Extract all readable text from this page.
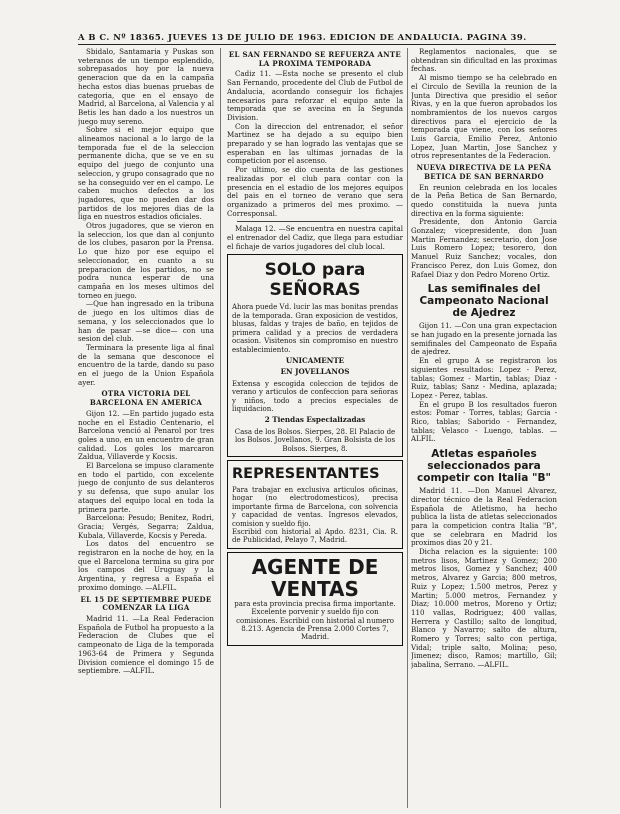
A B C. Nº 18365. JUEVES 13 DE JULIO DE 1963. EDICION DE ANDALUCIA. PAGINA 39.

Sbidalo, Santamaria y Puskas son veteranos de un tiempo esplendido, sobrepasados hoy por la nueva generacion que da en la campaña hecha estos dias buenas pruebas de categoria, que en el ensayo de Madrid, al Barcelona, al Valencia y al Betis les han dado a los nuestros un juego muy sereno.

Sobre si el mejor equipo que alineamos nacional a lo largo de la temporada fue el de la seleccion permanente dicha, que se ve en su equipo del juego de conjunto una seleccion, y grupo consagrado que no se ha conseguido ver en el campo. Le caben muchos defectos a los jugadores, que no pueden dar dos partidos de los mejores dias de la liga en nuestros estadios oficiales.

Otros jugadores, que se vieron en la seleccion, los que dan al conjunto de los clubes, pasaron por la Prensa. Lo que hizo por ese equipo el seleccionador, en cuanto a su preparacion de los partidos, no se podra nunca esperar de una campaña en los meses ultimos del torneo en juego.

—Que han ingresado en la tribuna de juego en los ultimos dias de semana, y los seleccionados que lo han de pasar —se dice— con una sesion del club.

Terminara la presente liga al final de la semana que desconoce el encuentro de la tarde, dando su paso en el juego de la Union Española ayer.

OTRA VICTORIA DEL BARCELONA EN AMERICA

Gijon 12. —En partido jugado esta noche en el Estadio Centenario, el Barcelona venció al Penarol por tres goles a uno, en un encuentro de gran calidad. Los goles los marcaron Zaldua, Villaverde y Kocsis.

El Barcelona se impuso claramente en todo el partido, con excelente juego de conjunto de sus delanteros y su defensa, que supo anular los ataques del equipo local en toda la primera parte.

Barcelona: Pesudo; Benitez, Rodri, Gracia; Vergés, Segarra; Zaldua, Kubala, Villaverde, Kocsis y Pereda.

Los datos del encuentro se registraron en la noche de hoy, en la que el Barcelona termina su gira por los campos del Uruguay y la Argentina, y regresa a España el proximo domingo. —ALFIL.

EL 15 DE SEPTIEMBRE PUEDE COMENZAR LA LIGA

Madrid 11. —La Real Federacion Española de Futbol ha propuesto a la Federacion de Clubes que el campeonato de Liga de la temporada 1963-64 de Primera y Segunda Division comience el domingo 15 de septiembre. —ALFIL.

EL SAN FERNANDO SE REFUERZA ANTE LA PROXIMA TEMPORADA

Cadiz 11. —Esta noche se presento el club San Fernando, procedente del Club de Futbol de Andalucia, acordando conseguir los fichajes necesarios para reforzar el equipo ante la temporada que se avecina en la Segunda Division.

Con la direccion del entrenador, el señor Martinez se ha dejado a su equipo bien preparado y se han logrado las ventajas que se esperaban en las ultimas jornadas de la competicion por el ascenso.

Por ultimo, se dio cuenta de las gestiones realizadas por el club para contar con la presencia en el estadio de los mejores equipos del pais en el torneo de verano que sera organizado a primeros del mes proximo. —Corresponsal.

Malaga 12. —Se encuentra en nuestra capital el entrenador del Cadiz, que llega para estudiar el fichaje de varios jugadores del club local.

SOLO para SEÑORAS
Ahora puede Vd. lucir las mas bonitas prendas de la temporada. Gran exposicion de vestidos, blusas, faldas y trajes de baño, en tejidos de primera calidad y a precios de verdadera ocasion. Visitenos sin compromiso en nuestro establecimiento.
UNICAMENTE
EN JOVELLANOS
Extensa y escogida coleccion de tejidos de verano y articulos de confeccion para señoras y niños, todo a precios especiales de liquidacion.
2 Tiendas Especializadas
Casa de los Bolsos. Sierpes, 28. El Palacio de los Bolsos. Jovellanos, 9. Gran Bolsista de los Bolsos. Sierpes, 8.
REPRESENTANTES
Para trabajar en exclusiva articulos oficinas, hogar (no electrodomesticos), precisa importante firma de Barcelona, con solvencia y capacidad de ventas. Ingresos elevados, comision y sueldo fijo.
Escribid con historial al Apdo. 8231, Cia. R. de Publicidad, Pelayo 7, Madrid.
AGENTE DE
VENTAS
para esta provincia precisa firma importante. Excelente porvenir y sueldo fijo con comisiones. Escribid con historial al numero 8.213. Agencia de Prensa 2.000 Cortes 7, Madrid.

Reglamentos nacionales, que se obtendran sin dificultad en las proximas fechas.

Al mismo tiempo se ha celebrado en el Circulo de Sevilla la reunion de la Junta Directiva que presidio el señor Rivas, y en la que fueron aprobados los nombramientos de los nuevos cargos directivos para el ejercicio de la temporada que viene, con los señores Luis Garcia, Emilio Perez, Antonio Lopez, Juan Martin, Jose Sanchez y otros representantes de la Federacion.

NUEVA DIRECTIVA DE LA PEÑA BETICA DE SAN BERNARDO

En reunion celebrada en los locales de la Peña Betica de San Bernardo, quedo constituida la nueva junta directiva en la forma siguiente:

Presidente, don Antonio Garcia Gonzalez; vicepresidente, don Juan Martin Fernandez; secretario, don Jose Luis Romero Lopez; tesorero, don Manuel Ruiz Sanchez; vocales, don Francisco Perez, don Luis Gomez, don Rafael Diaz y don Pedro Moreno Ortiz.

Las semifinales del Campeonato Nacional de Ajedrez

Gijon 11. —Con una gran expectacion se han jugado en la presente jornada las semifinales del Campeonato de España de ajedrez.

En el grupo A se registraron los siguientes resultados: Lopez - Perez, tablas; Gomez - Martin, tablas; Diaz - Ruiz, tablas; Sanz - Medina, aplazada; Lopez - Perez, tablas.

En el grupo B los resultados fueron estos: Pomar - Torres, tablas; Garcia - Rico, tablas; Saborido - Fernandez, tablas; Velasco - Luengo, tablas. —ALFIL.

Atletas españoles seleccionados para competir con Italia "B"

Madrid 11. —Don Manuel Alvarez, director técnico de la Real Federacion Española de Atletismo, ha hecho publica la lista de atletas seleccionados para la competicion contra Italia "B", que se celebrara en Madrid los proximos dias 20 y 21.

Dicha relacion es la siguiente: 100 metros lisos, Martinez y Gomez; 200 metros lisos, Gomez y Sanchez; 400 metros, Alvarez y Garcia; 800 metros, Ruiz y Lopez; 1.500 metros, Perez y Martin; 5.000 metros, Fernandez y Diaz; 10.000 metros, Moreno y Ortiz; 110 vallas, Rodriguez; 400 vallas, Herrera y Castillo; salto de longitud, Blanco y Navarro; salto de altura, Romero y Torres; salto con pertiga, Vidal; triple salto, Molina; peso, Jimenez; disco, Ramos; martillo, Gil; jabalina, Serrano. —ALFIL.
